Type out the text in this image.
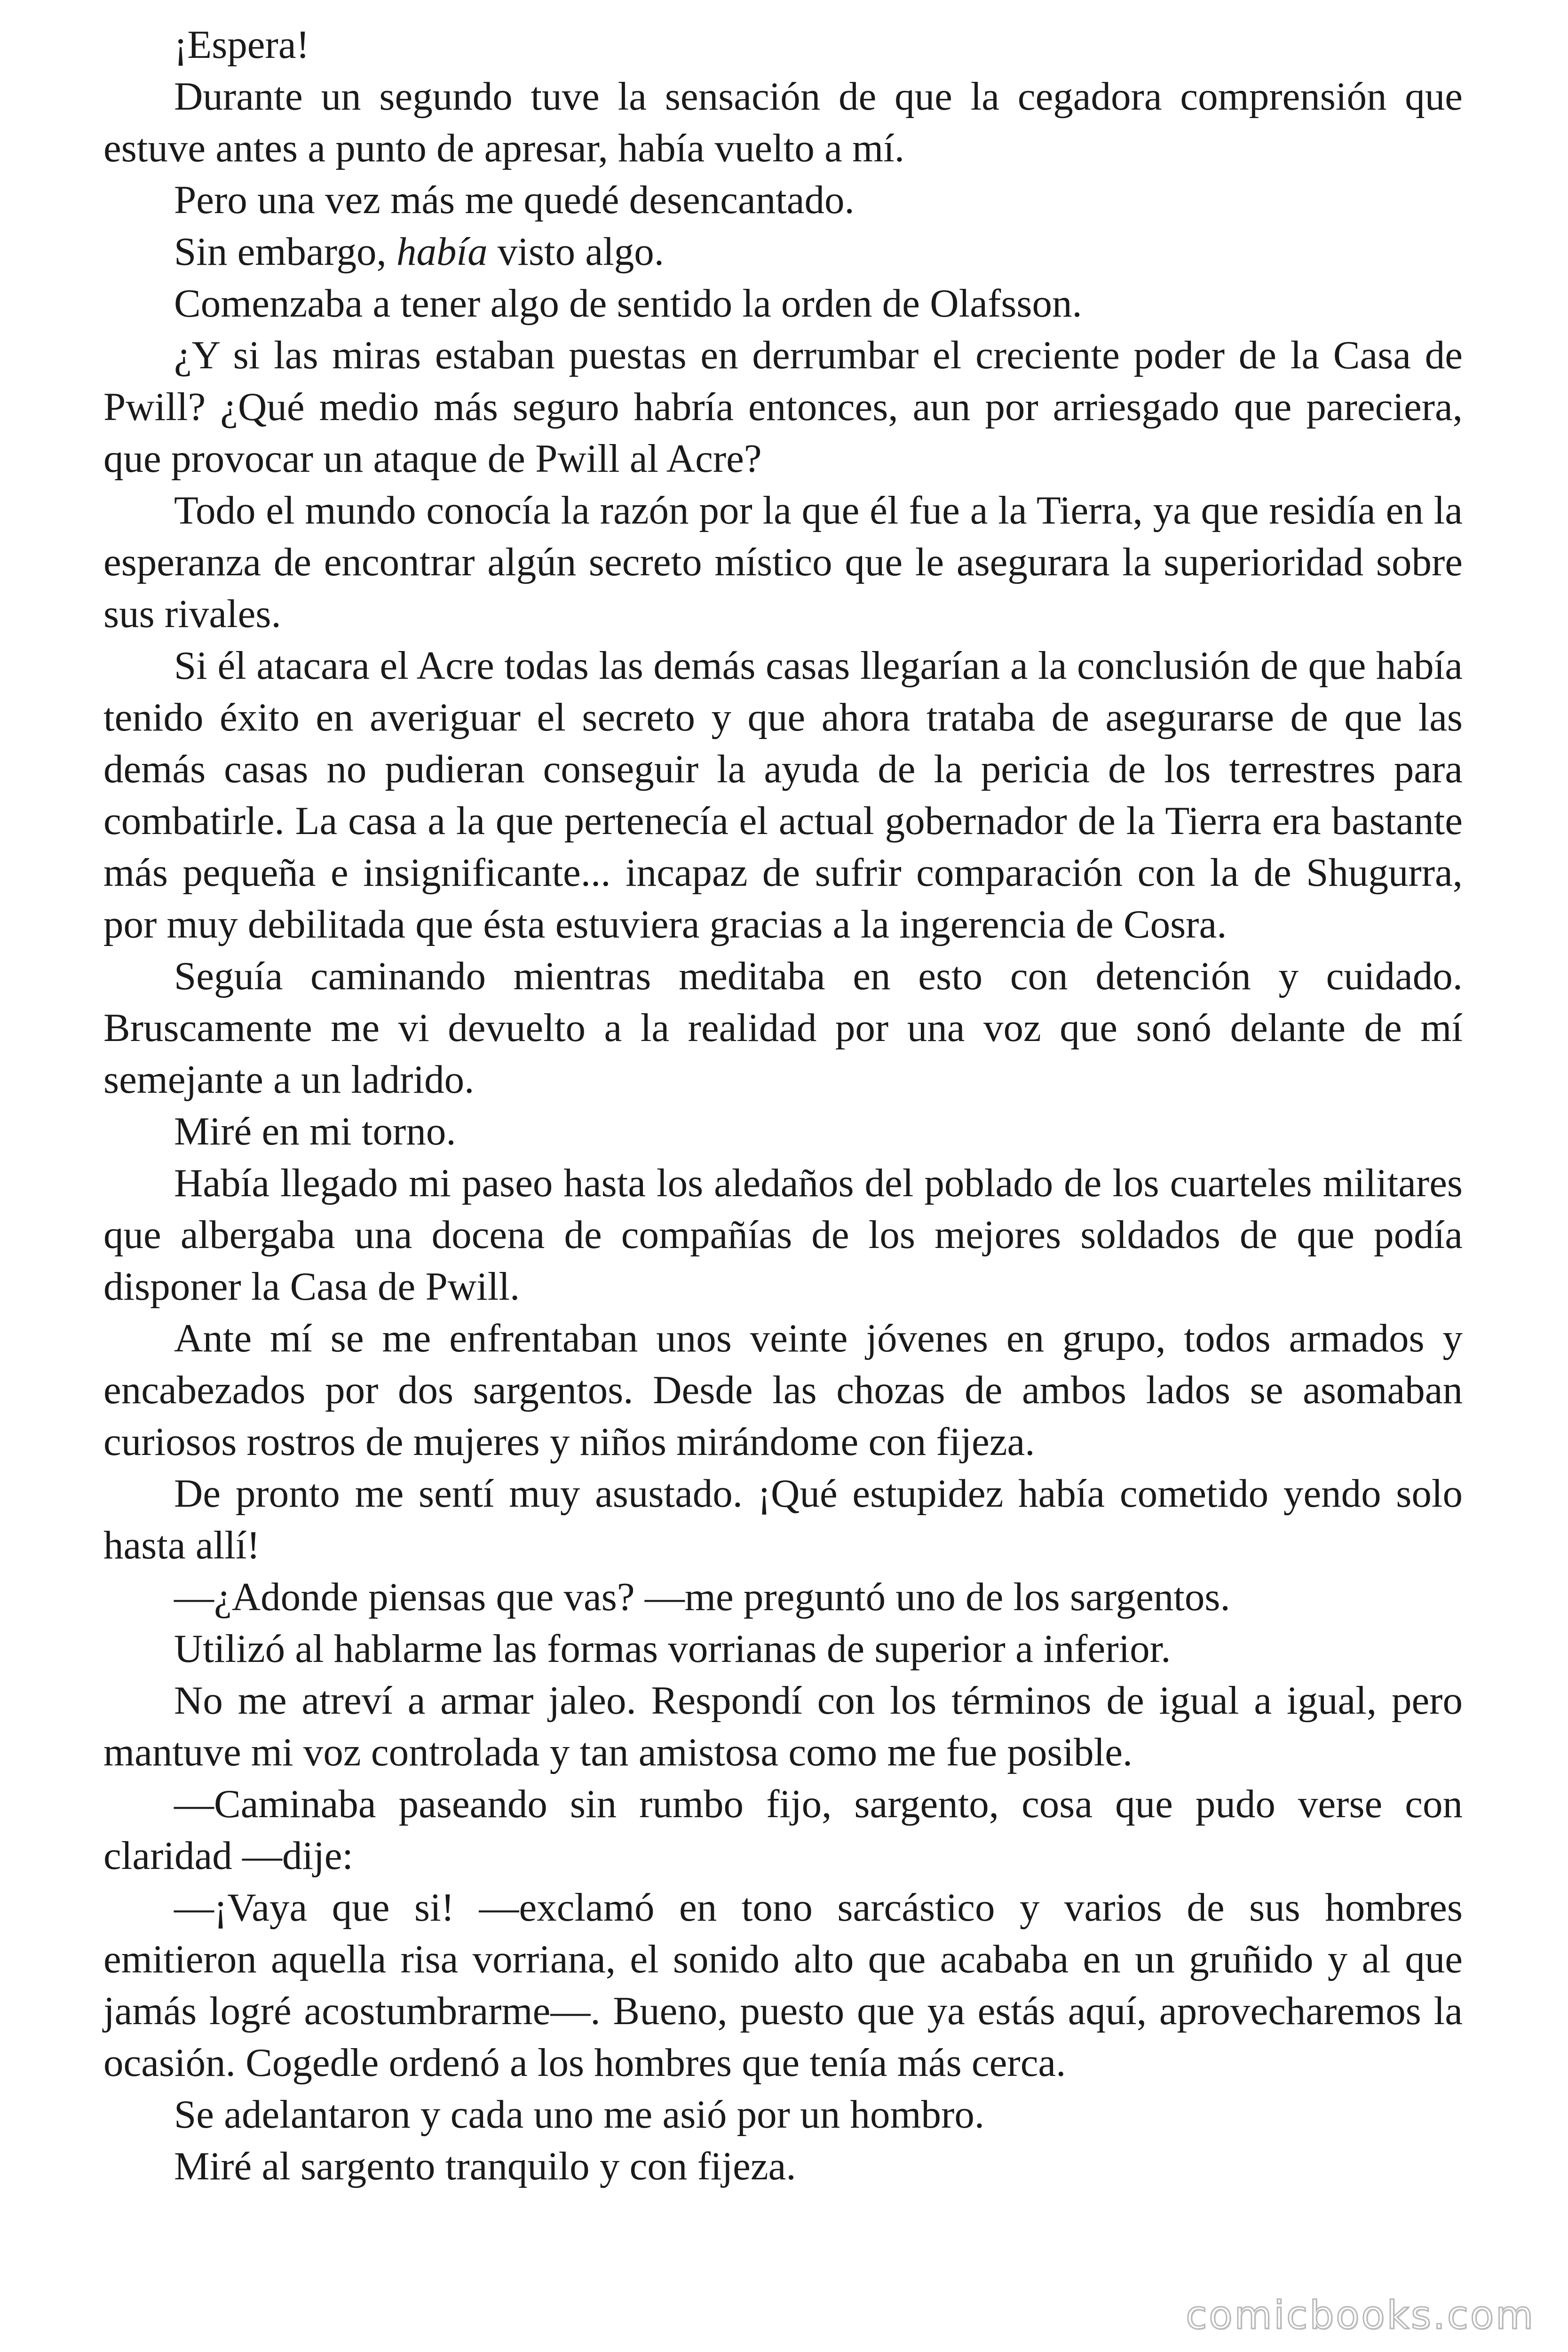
¡Espera!

Durante un segundo tuve la sensación de que la cegadora comprensión que estuve antes a punto de apresar, había vuelto a mí.

Pero una vez más me quedé desencantado.

Sin embargo, había visto algo.

Comenzaba a tener algo de sentido la orden de Olafsson.

¿Y si las miras estaban puestas en derrumbar el creciente poder de la Casa de Pwill? ¿Qué medio más seguro habría entonces, aun por arriesgado que pareciera, que provocar un ataque de Pwill al Acre?

Todo el mundo conocía la razón por la que él fue a la Tierra, ya que residía en la esperanza de encontrar algún secreto místico que le asegurara la superioridad sobre sus rivales.

Si él atacara el Acre todas las demás casas llegarían a la conclusión de que había tenido éxito en averiguar el secreto y que ahora trataba de asegurarse de que las demás casas no pudieran conseguir la ayuda de la pericia de los terrestres para combatirle. La casa a la que pertenecía el actual gobernador de la Tierra era bastante más pequeña e insignificante... incapaz de sufrir comparación con la de Shugurra, por muy debilitada que ésta estuviera gracias a la ingerencia de Cosra.

Seguía caminando mientras meditaba en esto con detención y cuidado. Bruscamente me vi devuelto a la realidad por una voz que sonó delante de mí semejante a un ladrido.

Miré en mi torno.

Había llegado mi paseo hasta los aledaños del poblado de los cuarteles militares que albergaba una docena de compañías de los mejores soldados de que podía disponer la Casa de Pwill.

Ante mí se me enfrentaban unos veinte jóvenes en grupo, todos armados y encabezados por dos sargentos. Desde las chozas de ambos lados se asomaban curiosos rostros de mujeres y niños mirándome con fijeza.

De pronto me sentí muy asustado. ¡Qué estupidez había cometido yendo solo hasta allí!

—¿Adonde piensas que vas? —me preguntó uno de los sargentos.

Utilizó al hablarme las formas vorrianas de superior a inferior.

No me atreví a armar jaleo. Respondí con los términos de igual a igual, pero mantuve mi voz controlada y tan amistosa como me fue posible.

—Caminaba paseando sin rumbo fijo, sargento, cosa que pudo verse con claridad —dije:

—¡Vaya que si! —exclamó en tono sarcástico y varios de sus hombres emitieron aquella risa vorriana, el sonido alto que acababa en un gruñido y al que jamás logré acostumbrarme—. Bueno, puesto que ya estás aquí, aprovecharemos la ocasión. Cogedle ordenó a los hombres que tenía más cerca.

Se adelantaron y cada uno me asió por un hombro.

Miré al sargento tranquilo y con fijeza.

comicbooks.com
